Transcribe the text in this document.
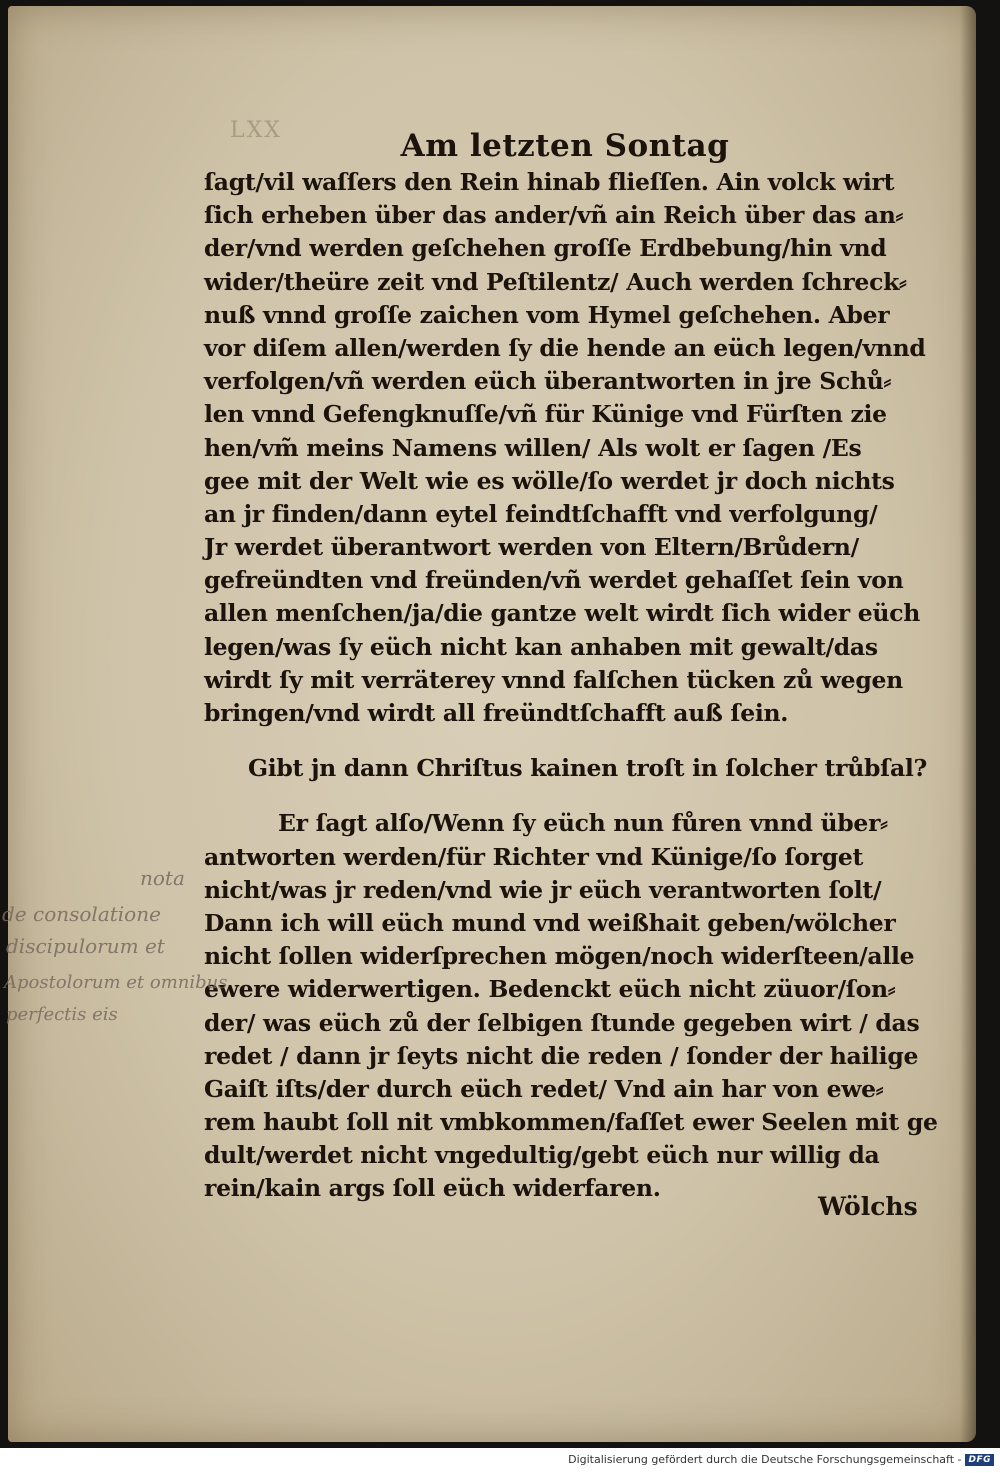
LXX	Am letzten Sontag
ſagt/vil waſſers den Rein hinab flieſſen. Ain volck wirt
ſich erheben über das ander/vñ ain Reich über das an⸗
der/vnd werden geſchehen groſſe Erdbebung/hin vnd
wider/theüre zeit vnd Peſtilentz/ Auch werden ſchreck⸗
nuß vnnd groſſe zaichen vom Hymel geſchehen. Aber
vor diſem allen/werden ſy die hende an eüch legen/vnnd
verfolgen/vñ werden eüch überantworten in jre Schů⸗
len vnnd Gefengknuſſe/vñ für Künige vnd Fürſten zie
hen/vm̃ meins Namens willen/ Als wolt er ſagen /Es
gee mit der Welt wie es wölle/ſo werdet jr doch nichts
an jr finden/dann eytel feindtſchafft vnd verfolgung/
Jr werdet überantwort werden von Eltern/Brůdern/
gefreündten vnd freünden/vñ werdet gehaſſet ſein von
allen menſchen/ja/die gantze welt wirdt ſich wider eüch
legen/was ſy eüch nicht kan anhaben mit gewalt/das
wirdt ſy mit verräterey vnnd falſchen tücken zů wegen
bringen/vnd wirdt all freündtſchafft auß ſein.
Gibt jn dann Chriſtus kainen troſt in ſolcher trůbſal?
Er ſagt alſo/Wenn ſy eüch nun fůren vnnd über⸗
antworten werden/für Richter vnd Künige/ſo ſorget
nicht/was jr reden/vnd wie jr eüch verantworten ſolt/
Dann ich will eüch mund vnd weißhait geben/wölcher
nicht ſollen widerſprechen mögen/noch widerſteen/alle
ewere widerwertigen. Bedenckt eüch nicht züuor/ſon⸗
der/ was eüch zů der ſelbigen ſtunde gegeben wirt / das
redet / dann jr ſeyts nicht die reden / ſonder der hailige
Gaiſt iſts/der durch eüch redet/ Vnd ain har von ewe⸗
rem haubt ſoll nit vmbkommen/faſſet ewer Seelen mit ge
dult/werdet nicht vngedultig/gebt eüch nur willig da
rein/kain args ſoll eüch widerfaren.
Wölchs
nota
de consolatione
discipulorum et
Apostolorum et omnibus
perfectis eis
Digitalisierung gefördert durch die Deutsche Forschungsgemeinschaft - DFG
